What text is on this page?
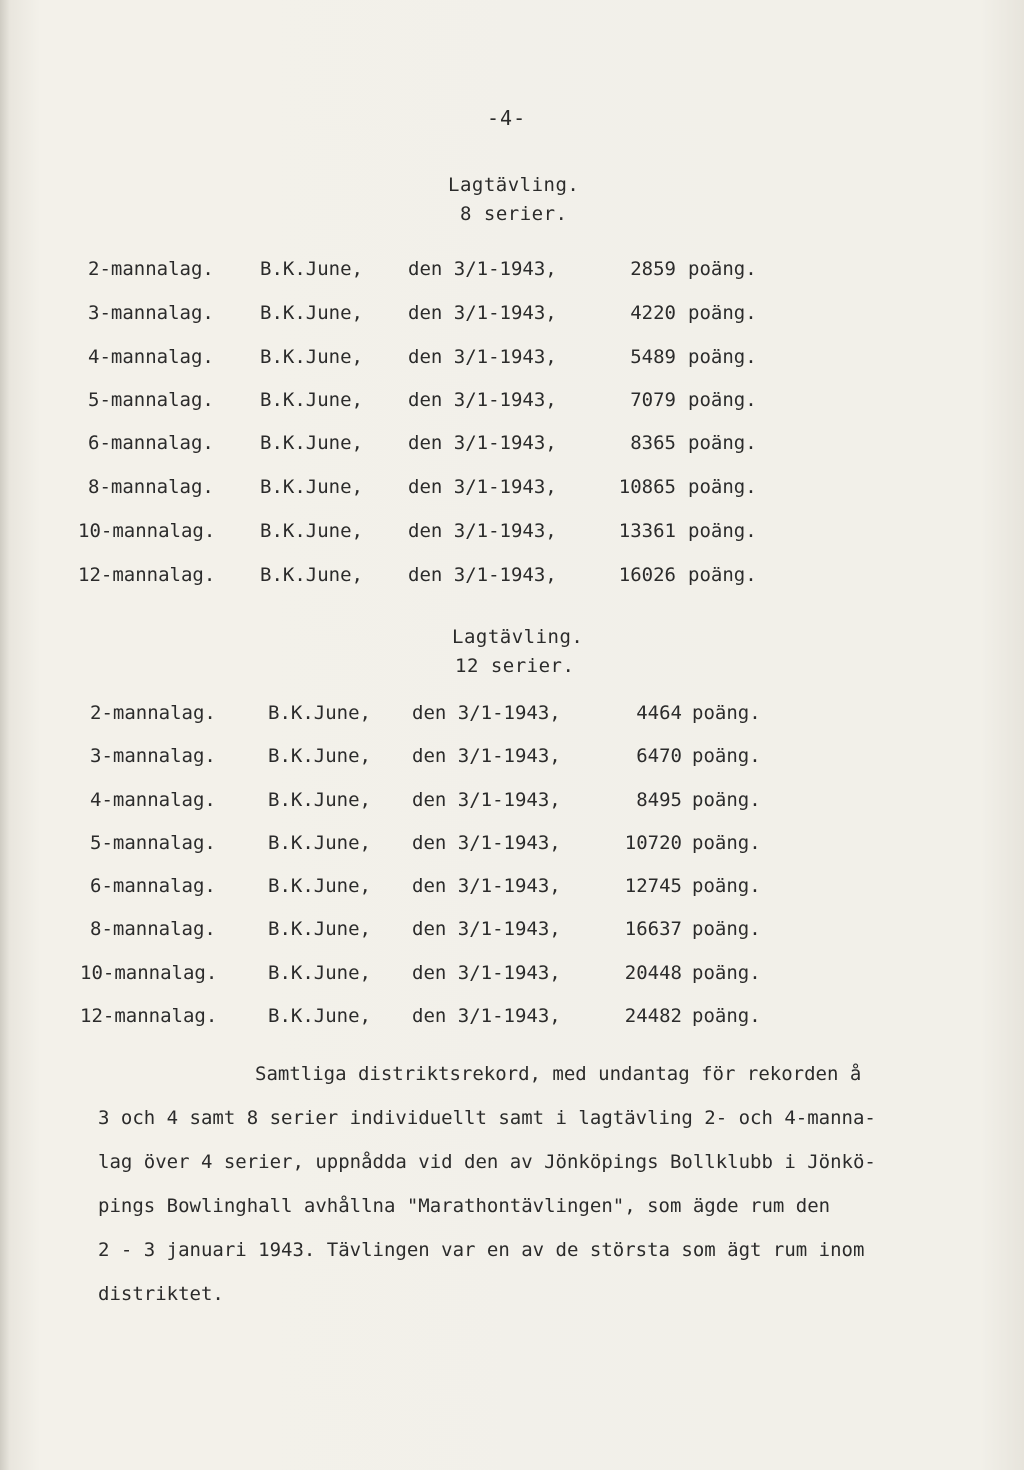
-4-
Lagtävling.
8 serier.
2-mannalag. B.K.June, den 3/1-1943,	2859 poäng.
3-mannalag. B.K.June, den 3/1-1943,	4220 poäng.
4-mannalag. B.K.June, den 3/1-1943,	5489 poäng.
5-mannalag. B.K.June, den 3/1-1943,	7079 poäng.
6-mannalag. B.K.June, den 3/1-1943,	8365 poäng.
8-mannalag. B.K.June, den 3/1-1943,	10865 poäng.
10-mannalag. B.K.June, den 3/1-1943,	13361 poäng.
12-mannalag. B.K.June, den 3/1-1943,	16026 poäng.
Lagtävling.
12 serier.
2-mannalag.	B.K.June, den 3/1-1943,	4464 poäng.
3-mannalag.	B.K.June, den 3/1-1943,	6470 poäng.
4-mannalag.	B.K.June, den 3/1-1943,	8495 poäng.
5-mannalag.	B.K.June, den 3/1-1943,	10720 poäng.
6-mannalag.	B.K.June, den 3/1-1943,	12745 poäng.
8-mannalag.	B.K.June, den 3/1-1943,	16637 poäng.
10-mannalag.	B.K.June, den 3/1-1943,	20448 poäng.
12-mannalag.	B.K.June, den 3/1-1943,	24482 poäng.
Samtliga distriktsrekord, med undantag för rekorden å
3 och 4 samt 8 serier individuellt samt i lagtävling 2- och 4-manna-
lag över 4 serier, uppnådda vid den av Jönköpings Bollklubb i Jönkö-
pings Bowlinghall avhållna "Marathontävlingen", som ägde rum den
2 - 3 januari 1943. Tävlingen var en av de största som ägt rum inom
distriktet.
